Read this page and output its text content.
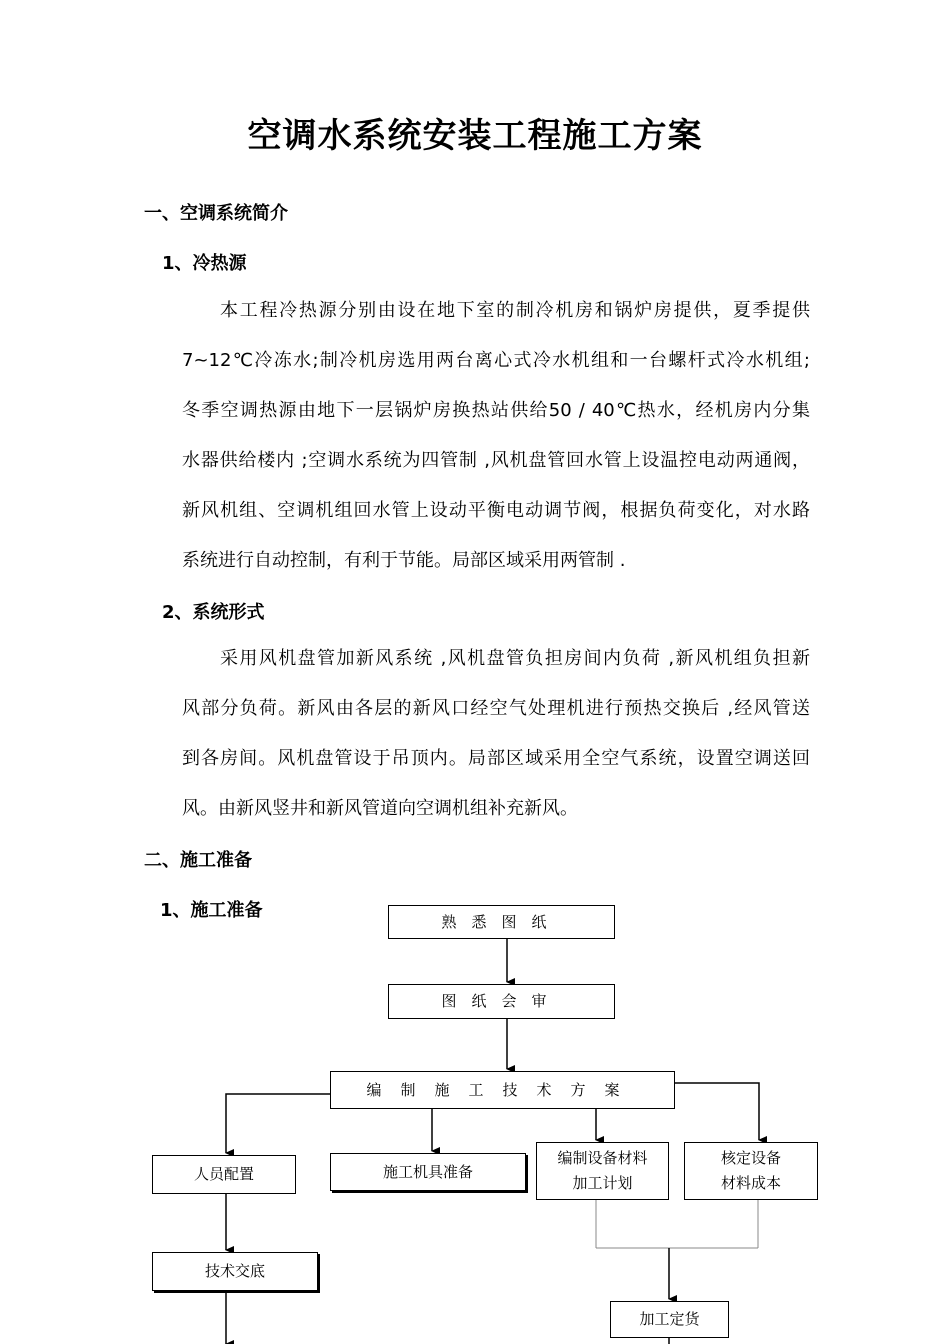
空调水系统安装工程施工方案
一、空调系统简介
1、冷热源
本工程冷热源分别由设在地下室的制冷机房和锅炉房提供，夏季提供
7~12℃冷冻水;制冷机房选用两台离心式冷水机组和一台螺杆式冷水机组;
冬季空调热源由地下一层锅炉房换热站供给50 / 40℃热水，经机房内分集
水器供给楼内 ;空调水系统为四管制 ,风机盘管回水管上设温控电动两通阀，
新风机组、空调机组回水管上设动平衡电动调节阀，根据负荷变化，对水路
系统进行自动控制，有利于节能。局部区域采用两管制 .
2、系统形式
采用风机盘管加新风系统 ,风机盘管负担房间内负荷 ,新风机组负担新
风部分负荷。新风由各层的新风口经空气处理机进行预热交换后 ,经风管送
到各房间。风机盘管设于吊顶内。局部区域采用全空气系统，设置空调送回
风。由新风竖井和新风管道向空调机组补充新风。
二、施工准备
1、施工准备
熟悉图纸
图纸会审
编制施工技术方案
人员配置	施工机具准备
编制设备材料
加工计划
核定设备
材料成本
技术交底
加工定货
